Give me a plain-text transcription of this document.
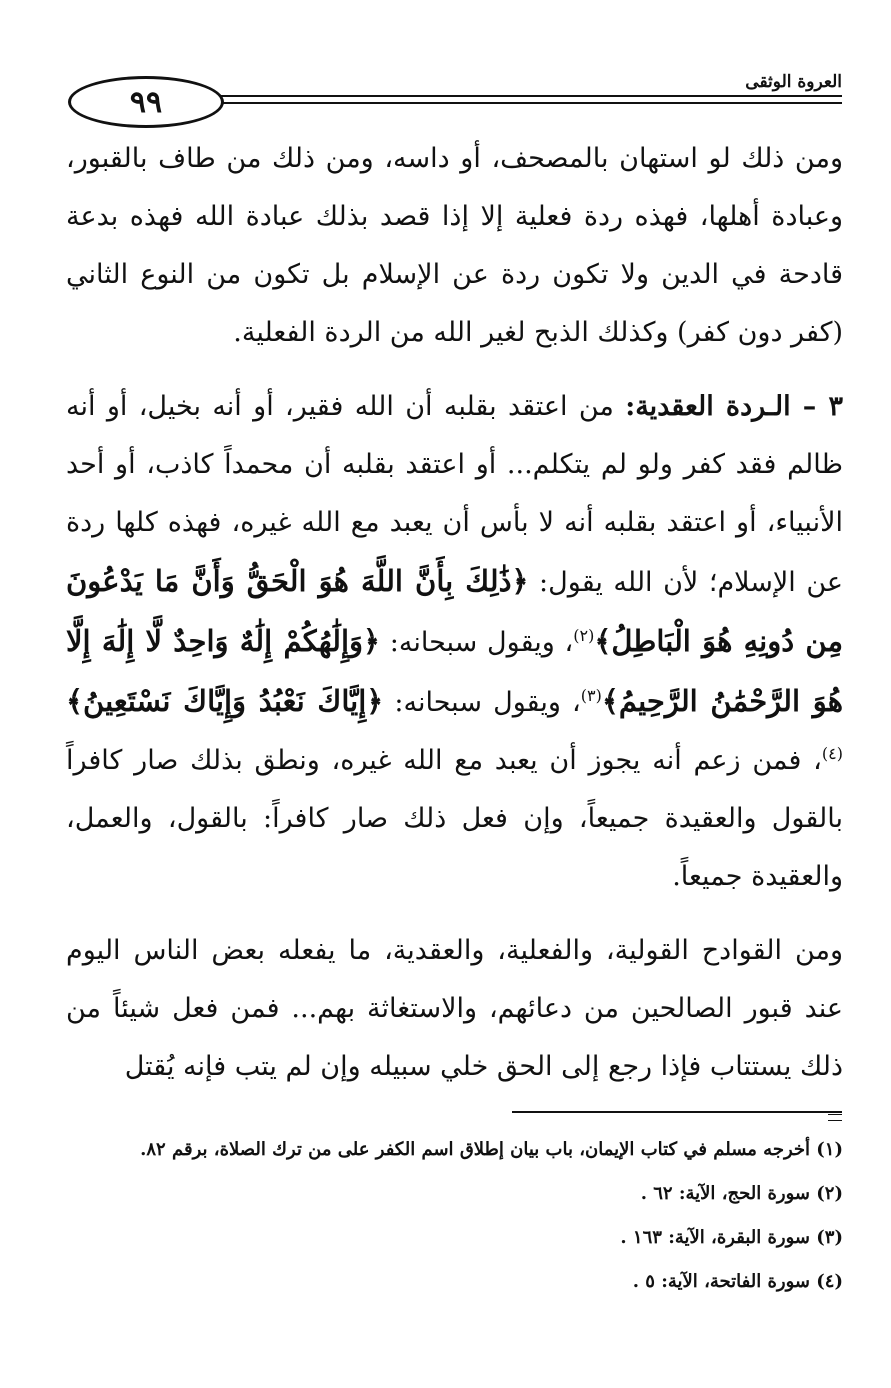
٩٩
العروة الوثقى

ومن ذلك لو استهان بالمصحف، أو داسه، ومن ذلك من طاف بالقبور، وعبادة أهلها، فهذه ردة فعلية إلا إذا قصد بذلك عبادة الله فهذه بدعة قادحة في الدين ولا تكون ردة عن الإسلام بل تكون من النوع الثاني (كفر دون كفر) وكذلك الذبح لغير الله من الردة الفعلية.

٣ – الـردة العقدية: من اعتقد بقلبه أن الله فقير، أو أنه بخيل، أو أنه ظالم فقد كفر ولو لم يتكلم... أو اعتقد بقلبه أن محمداً كاذب، أو أحد الأنبياء، أو اعتقد بقلبه أنه لا بأس أن يعبد مع الله غيره، فهذه كلها ردة عن الإسلام؛ لأن الله يقول: ﴿ذَٰلِكَ بِأَنَّ اللَّهَ هُوَ الْحَقُّ وَأَنَّ مَا يَدْعُونَ مِن دُونِهِ هُوَ الْبَاطِلُ﴾$^{(٢)}$، ويقول سبحانه: ﴿وَإِلَٰهُكُمْ إِلَٰهٌ وَاحِدٌ لَّا إِلَٰهَ إِلَّا هُوَ الرَّحْمَٰنُ الرَّحِيمُ﴾$^{(٣)}$، ويقول سبحانه: ﴿إِيَّاكَ نَعْبُدُ وَإِيَّاكَ نَسْتَعِينُ﴾$^{(٤)}$، فمن زعم أنه يجوز أن يعبد مع الله غيره، ونطق بذلك صار كافراً بالقول والعقيدة جميعاً، وإن فعل ذلك صار كافراً: بالقول، والعمل، والعقيدة جميعاً.

ومن القوادح القولية، والفعلية، والعقدية، ما يفعله بعض الناس اليوم عند قبور الصالحين من دعائهم، والاستغاثة بهم... فمن فعل شيئاً من ذلك يستتاب فإذا رجع إلى الحق خلي سبيله وإن لم يتب فإنه يُقتل

(١) أخرجه مسلم في كتاب الإيمان، باب بيان إطلاق اسم الكفر على من ترك الصلاة، برقم ٨٢.
(٢) سورة الحج، الآية: ٦٢ .
(٣) سورة البقرة، الآية: ١٦٣ .
(٤) سورة الفاتحة، الآية: ٥ .
